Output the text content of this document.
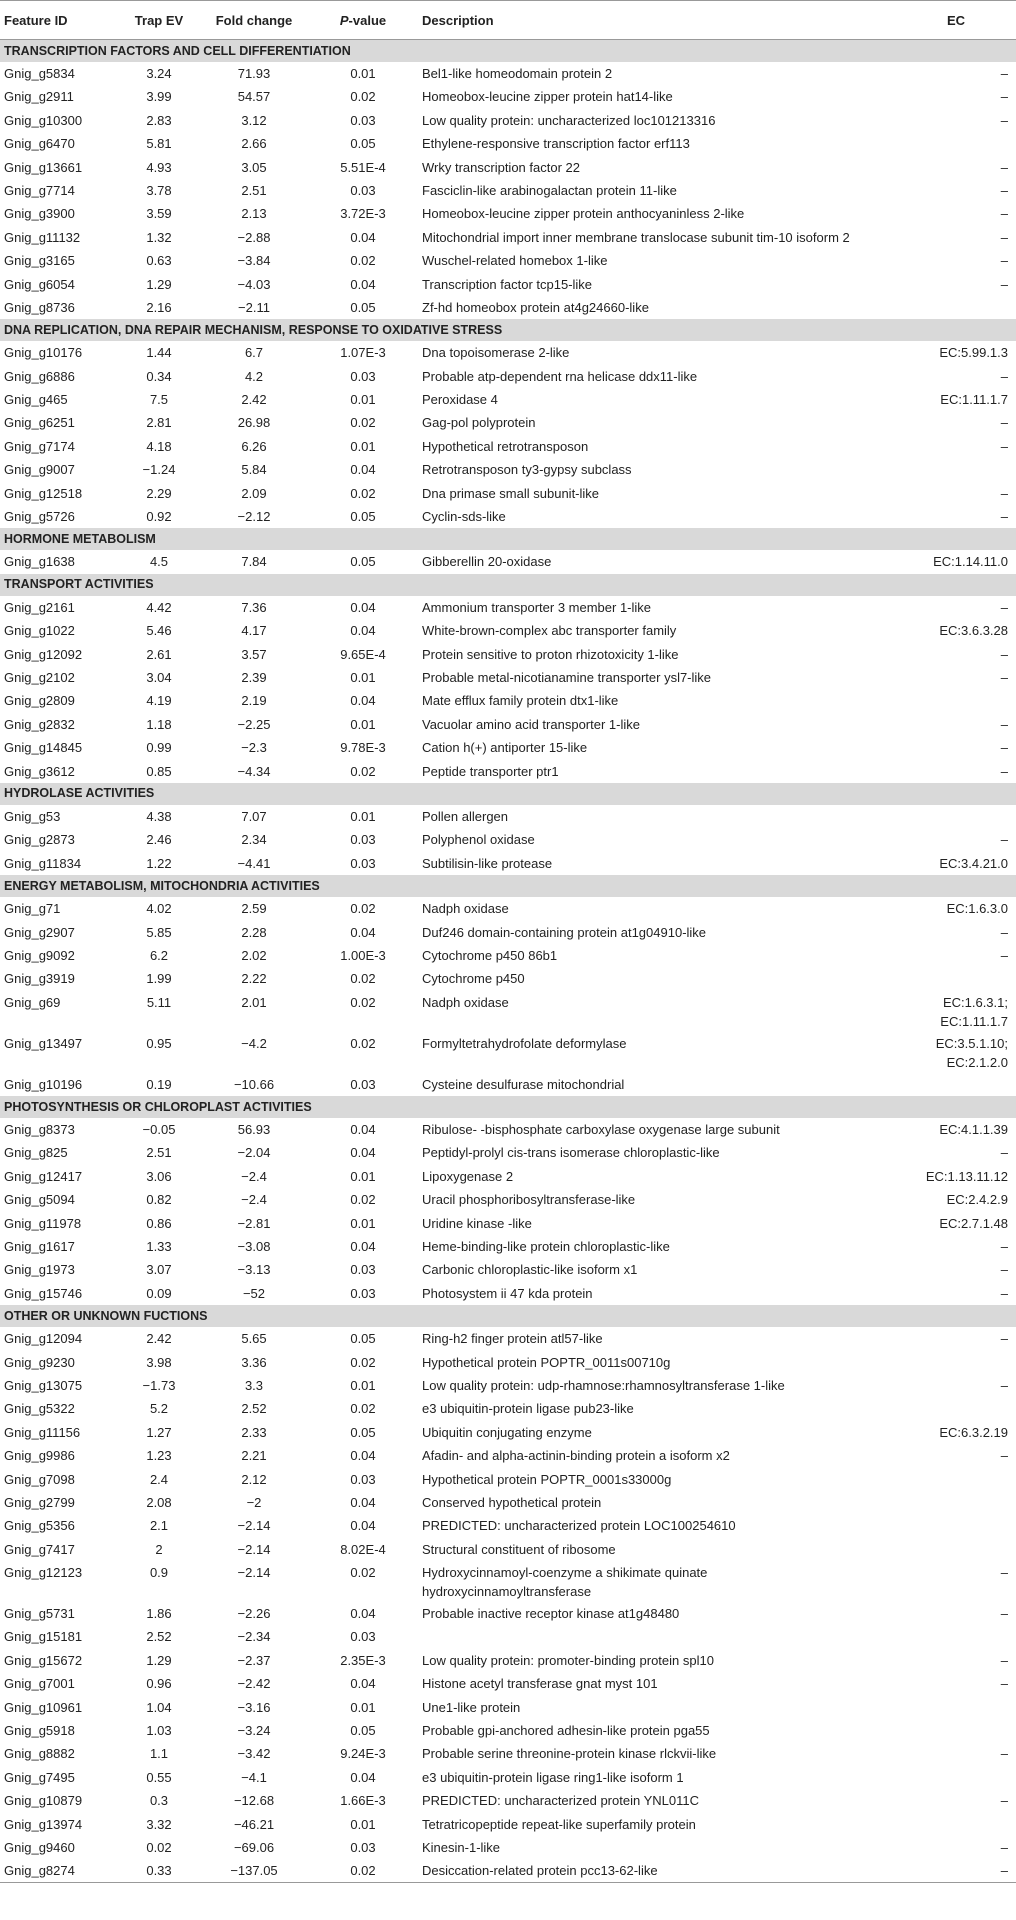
Feature ID	Trap EV	Fold change	P-value	Description	EC
TRANSCRIPTION FACTORS AND CELL DIFFERENTIATION					
Gnig_g5834	3.24	71.93	0.01	Bel1-like homeodomain protein 2	–
Gnig_g2911	3.99	54.57	0.02	Homeobox-leucine zipper protein hat14-like	–
Gnig_g10300	2.83	3.12	0.03	Low quality protein: uncharacterized loc101213316	–
Gnig_g6470	5.81	2.66	0.05	Ethylene-responsive transcription factor erf113	
Gnig_g13661	4.93	3.05	5.51E-4	Wrky transcription factor 22	–
Gnig_g7714	3.78	2.51	0.03	Fasciclin-like arabinogalactan protein 11-like	–
Gnig_g3900	3.59	2.13	3.72E-3	Homeobox-leucine zipper protein anthocyaninless 2-like	–
Gnig_g11132	1.32	−2.88	0.04	Mitochondrial import inner membrane translocase subunit tim-10 isoform 2	–
Gnig_g3165	0.63	−3.84	0.02	Wuschel-related homebox 1-like	–
Gnig_g6054	1.29	−4.03	0.04	Transcription factor tcp15-like	–
Gnig_g8736	2.16	−2.11	0.05	Zf-hd homeobox protein at4g24660-like	
DNA REPLICATION, DNA REPAIR MECHANISM, RESPONSE TO OXIDATIVE STRESS					
Gnig_g10176	1.44	6.7	1.07E-3	Dna topoisomerase 2-like	EC:5.99.1.3
Gnig_g6886	0.34	4.2	0.03	Probable atp-dependent rna helicase ddx11-like	–
Gnig_g465	7.5	2.42	0.01	Peroxidase 4	EC:1.11.1.7
Gnig_g6251	2.81	26.98	0.02	Gag-pol polyprotein	–
Gnig_g7174	4.18	6.26	0.01	Hypothetical retrotransposon	–
Gnig_g9007	−1.24	5.84	0.04	Retrotransposon ty3-gypsy subclass	
Gnig_g12518	2.29	2.09	0.02	Dna primase small subunit-like	–
Gnig_g5726	0.92	−2.12	0.05	Cyclin-sds-like	–
HORMONE METABOLISM					
Gnig_g1638	4.5	7.84	0.05	Gibberellin 20-oxidase	EC:1.14.11.0
TRANSPORT ACTIVITIES					
Gnig_g2161	4.42	7.36	0.04	Ammonium transporter 3 member 1-like	–
Gnig_g1022	5.46	4.17	0.04	White-brown-complex abc transporter family	EC:3.6.3.28
Gnig_g12092	2.61	3.57	9.65E-4	Protein sensitive to proton rhizotoxicity 1-like	–
Gnig_g2102	3.04	2.39	0.01	Probable metal-nicotianamine transporter ysl7-like	–
Gnig_g2809	4.19	2.19	0.04	Mate efflux family protein dtx1-like	
Gnig_g2832	1.18	−2.25	0.01	Vacuolar amino acid transporter 1-like	–
Gnig_g14845	0.99	−2.3	9.78E-3	Cation h(+) antiporter 15-like	–
Gnig_g3612	0.85	−4.34	0.02	Peptide transporter ptr1	–
HYDROLASE ACTIVITIES					
Gnig_g53	4.38	7.07	0.01	Pollen allergen	
Gnig_g2873	2.46	2.34	0.03	Polyphenol oxidase	–
Gnig_g11834	1.22	−4.41	0.03	Subtilisin-like protease	EC:3.4.21.0
ENERGY METABOLISM, MITOCHONDRIA ACTIVITIES					
Gnig_g71	4.02	2.59	0.02	Nadph oxidase	EC:1.6.3.0
Gnig_g2907	5.85	2.28	0.04	Duf246 domain-containing protein at1g04910-like	–
Gnig_g9092	6.2	2.02	1.00E-3	Cytochrome p450 86b1	–
Gnig_g3919	1.99	2.22	0.02	Cytochrome p450	
Gnig_g69	5.11	2.01	0.02	Nadph oxidase	EC:1.6.3.1;
EC:1.11.1.7
Gnig_g13497	0.95	−4.2	0.02	Formyltetrahydrofolate deformylase	EC:3.5.1.10;
EC:2.1.2.0
Gnig_g10196	0.19	−10.66	0.03	Cysteine desulfurase mitochondrial	
PHOTOSYNTHESIS OR CHLOROPLAST ACTIVITIES					
Gnig_g8373	−0.05	56.93	0.04	Ribulose- -bisphosphate carboxylase oxygenase large subunit	EC:4.1.1.39
Gnig_g825	2.51	−2.04	0.04	Peptidyl-prolyl cis-trans isomerase chloroplastic-like	–
Gnig_g12417	3.06	−2.4	0.01	Lipoxygenase 2	EC:1.13.11.12
Gnig_g5094	0.82	−2.4	0.02	Uracil phosphoribosyltransferase-like	EC:2.4.2.9
Gnig_g11978	0.86	−2.81	0.01	Uridine kinase -like	EC:2.7.1.48
Gnig_g1617	1.33	−3.08	0.04	Heme-binding-like protein chloroplastic-like	–
Gnig_g1973	3.07	−3.13	0.03	Carbonic chloroplastic-like isoform x1	–
Gnig_g15746	0.09	−52	0.03	Photosystem ii 47 kda protein	–
OTHER OR UNKNOWN FUCTIONS					
Gnig_g12094	2.42	5.65	0.05	Ring-h2 finger protein atl57-like	–
Gnig_g9230	3.98	3.36	0.02	Hypothetical protein POPTR_0011s00710g	
Gnig_g13075	−1.73	3.3	0.01	Low quality protein: udp-rhamnose:rhamnosyltransferase 1-like	–
Gnig_g5322	5.2	2.52	0.02	e3 ubiquitin-protein ligase pub23-like	
Gnig_g11156	1.27	2.33	0.05	Ubiquitin conjugating enzyme	EC:6.3.2.19
Gnig_g9986	1.23	2.21	0.04	Afadin- and alpha-actinin-binding protein a isoform x2	–
Gnig_g7098	2.4	2.12	0.03	Hypothetical protein POPTR_0001s33000g	
Gnig_g2799	2.08	−2	0.04	Conserved hypothetical protein	
Gnig_g5356	2.1	−2.14	0.04	PREDICTED: uncharacterized protein LOC100254610	
Gnig_g7417	2	−2.14	8.02E-4	Structural constituent of ribosome	
Gnig_g12123	0.9	−2.14	0.02	Hydroxycinnamoyl-coenzyme a shikimate quinate
hydroxycinnamoyltransferase	–
Gnig_g5731	1.86	−2.26	0.04	Probable inactive receptor kinase at1g48480	–
Gnig_g15181	2.52	−2.34	0.03		
Gnig_g15672	1.29	−2.37	2.35E-3	Low quality protein: promoter-binding protein spl10	–
Gnig_g7001	0.96	−2.42	0.04	Histone acetyl transferase gnat myst 101	–
Gnig_g10961	1.04	−3.16	0.01	Une1-like protein	
Gnig_g5918	1.03	−3.24	0.05	Probable gpi-anchored adhesin-like protein pga55	
Gnig_g8882	1.1	−3.42	9.24E-3	Probable serine threonine-protein kinase rlckvii-like	–
Gnig_g7495	0.55	−4.1	0.04	e3 ubiquitin-protein ligase ring1-like isoform 1	
Gnig_g10879	0.3	−12.68	1.66E-3	PREDICTED: uncharacterized protein YNL011C	–
Gnig_g13974	3.32	−46.21	0.01	Tetratricopeptide repeat-like superfamily protein	
Gnig_g9460	0.02	−69.06	0.03	Kinesin-1-like	–
Gnig_g8274	0.33	−137.05	0.02	Desiccation-related protein pcc13-62-like	–
